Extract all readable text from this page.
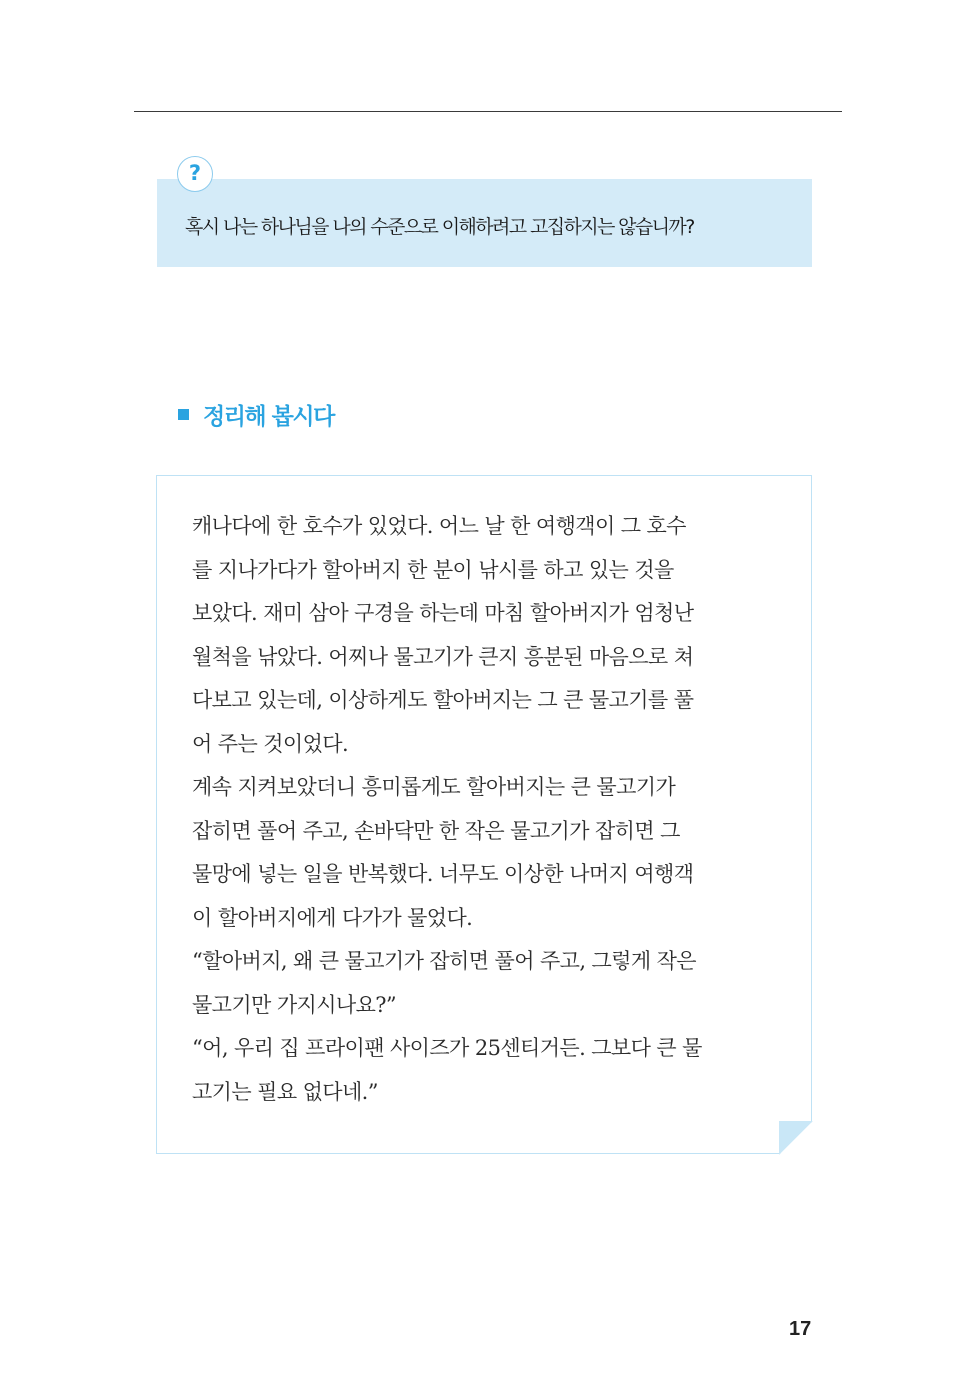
?
혹시 나는 하나님을 나의 수준으로 이해하려고 고집하지는 않습니까?
정리해 봅시다
캐나다에 한 호수가 있었다. 어느 날 한 여행객이 그 호수
를 지나가다가 할아버지 한 분이 낚시를 하고 있는 것을
보았다. 재미 삼아 구경을 하는데 마침 할아버지가 엄청난
월척을 낚았다. 어찌나 물고기가 큰지 흥분된 마음으로 쳐
다보고 있는데, 이상하게도 할아버지는 그 큰 물고기를 풀
어 주는 것이었다.
계속 지켜보았더니 흥미롭게도 할아버지는 큰 물고기가
잡히면 풀어 주고, 손바닥만 한 작은 물고기가 잡히면 그
물망에 넣는 일을 반복했다. 너무도 이상한 나머지 여행객
이 할아버지에게 다가가 물었다.
“할아버지, 왜 큰 물고기가 잡히면 풀어 주고, 그렇게 작은
물고기만 가지시나요?”
“어, 우리 집 프라이팬 사이즈가 25센티거든. 그보다 큰 물
고기는 필요 없다네.”
17
